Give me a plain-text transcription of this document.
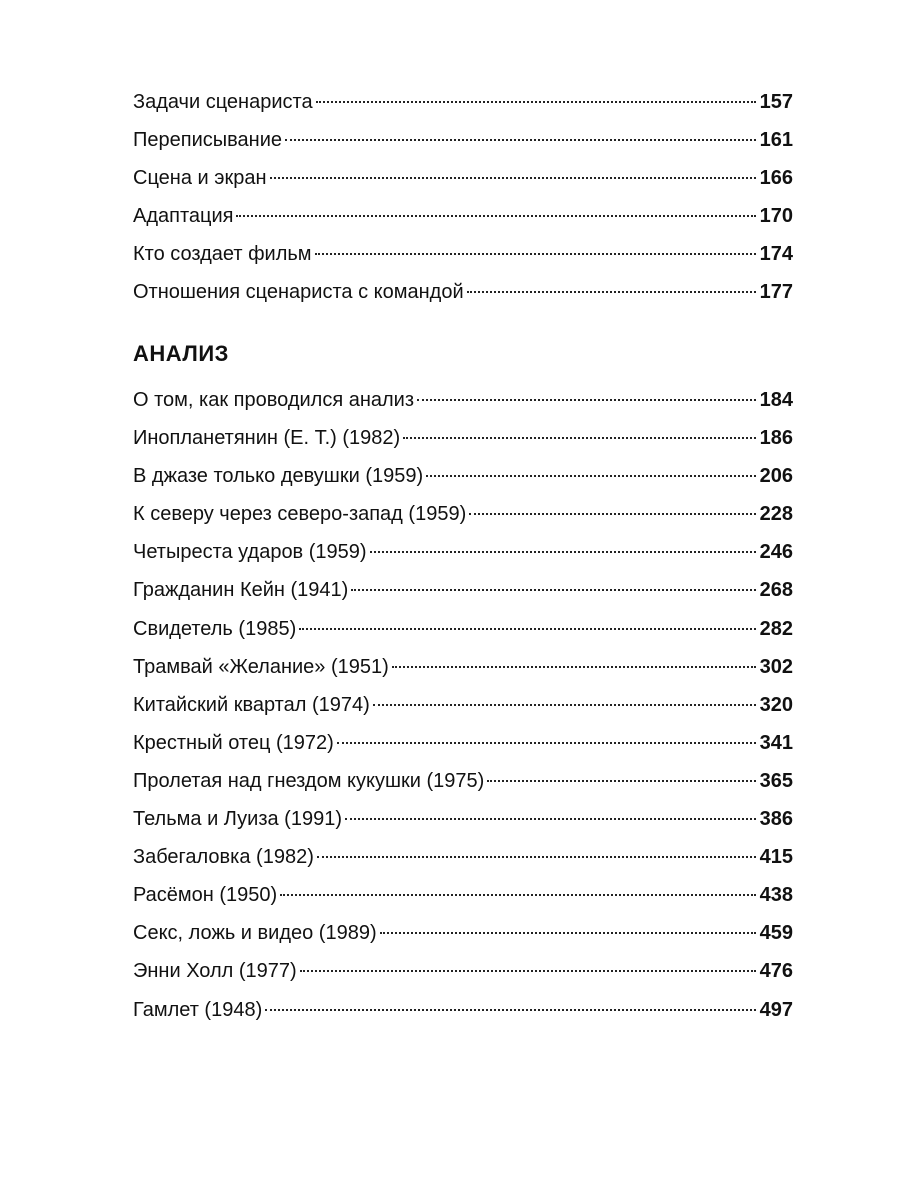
Задачи сценариста	157
Переписывание	161
Сцена и экран	166
Адаптация	170
Кто создает фильм	174
Отношения сценариста с командой	177
АНАЛИЗ
О том, как проводился анализ	184
Инопланетянин (Е. Т.) (1982)	186
В джазе только девушки (1959)	206
К северу через северо-запад (1959)	228
Четыреста ударов (1959)	246
Гражданин Кейн (1941)	268
Свидетель (1985)	282
Трамвай «Желание» (1951)	302
Китайский квартал (1974)	320
Крестный отец (1972)	341
Пролетая над гнездом кукушки (1975)	365
Тельма и Луиза (1991)	386
Забегаловка (1982)	415
Расёмон (1950)	438
Секс, ложь и видео (1989)	459
Энни Холл (1977)	476
Гамлет (1948)	497
